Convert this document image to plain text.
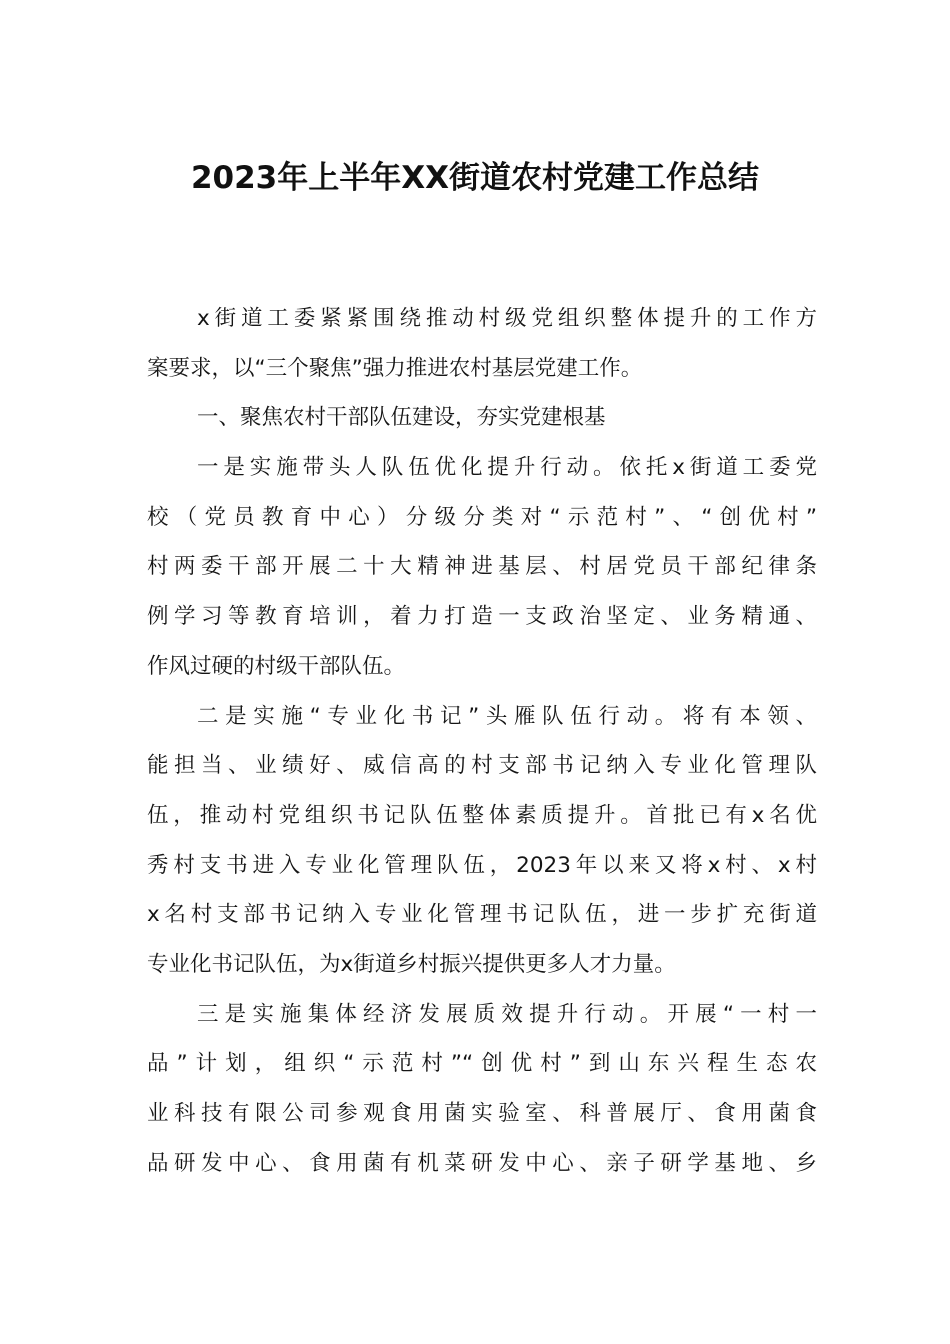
2023年上半年XX街道农村党建工作总结

x街道工委紧紧围绕推动村级党组织整体提升的工作方

案要求，以“三个聚焦”强力推进农村基层党建工作。

一、聚焦农村干部队伍建设，夯实党建根基

一是实施带头人队伍优化提升行动。依托x街道工委党

校（党员教育中心）分级分类对“示范村”、“创优村”

村两委干部开展二十大精神进基层、村居党员干部纪律条

例学习等教育培训，着力打造一支政治坚定、业务精通、

作风过硬的村级干部队伍。

二是实施“专业化书记”头雁队伍行动。将有本领、

能担当、业绩好、威信高的村支部书记纳入专业化管理队

伍，推动村党组织书记队伍整体素质提升。首批已有x名优

秀村支书进入专业化管理队伍，2023年以来又将x村、x村

x名村支部书记纳入专业化管理书记队伍，进一步扩充街道

专业化书记队伍，为x街道乡村振兴提供更多人才力量。

三是实施集体经济发展质效提升行动。开展“一村一

品”计划，组织“示范村”“创优村”到山东兴程生态农

业科技有限公司参观食用菌实验室、科普展厅、食用菌食

品研发中心、食用菌有机菜研发中心、亲子研学基地、乡
